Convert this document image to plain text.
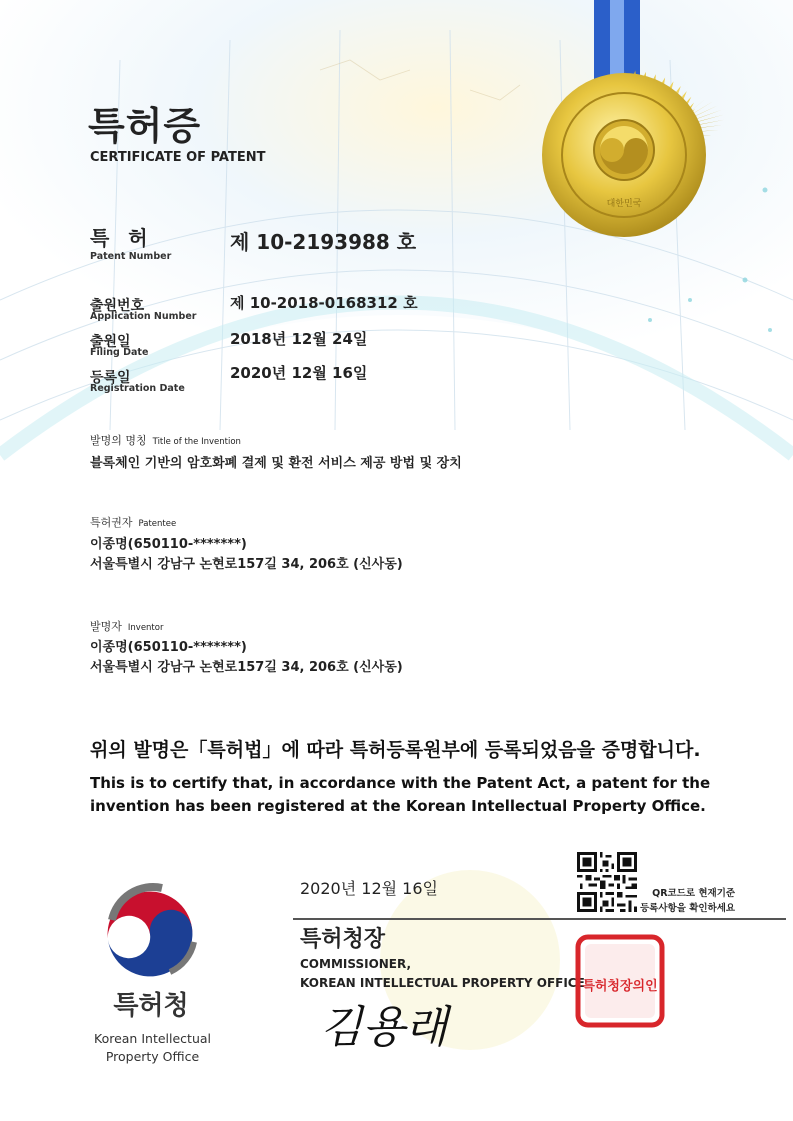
대한민국
특허증
CERTIFICATE OF PATENT
특 허
Patent Number
제 10-2193988 호
출원번호
Application Number
제 10-2018-0168312 호
출원일
Filing Date
2018년 12월 24일
등록일
Registration Date
2020년 12월 16일
발명의 명칭 Title of the Invention
블록체인 기반의 암호화폐 결제 및 환전 서비스 제공 방법 및 장치
특허권자 Patentee
이종명(650110-*******)
서울특별시 강남구 논현로157길 34, 206호 (신사동)
발명자 Inventor
이종명(650110-*******)
서울특별시 강남구 논현로157길 34, 206호 (신사동)
위의 발명은「특허법」에 따라 특허등록원부에 등록되었음을 증명합니다.
This is to certify that, in accordance with the Patent Act, a patent for the invention has been registered at the Korean Intellectual Property Office.
2020년 12월 16일	QR코드로 현재기준
등록사항을 확인하세요
특허청장
COMMISSIONER,
KOREAN INTELLECTUAL PROPERTY OFFICE
김용래
특허청장의인
특허청
Korean Intellectual
Property Office
